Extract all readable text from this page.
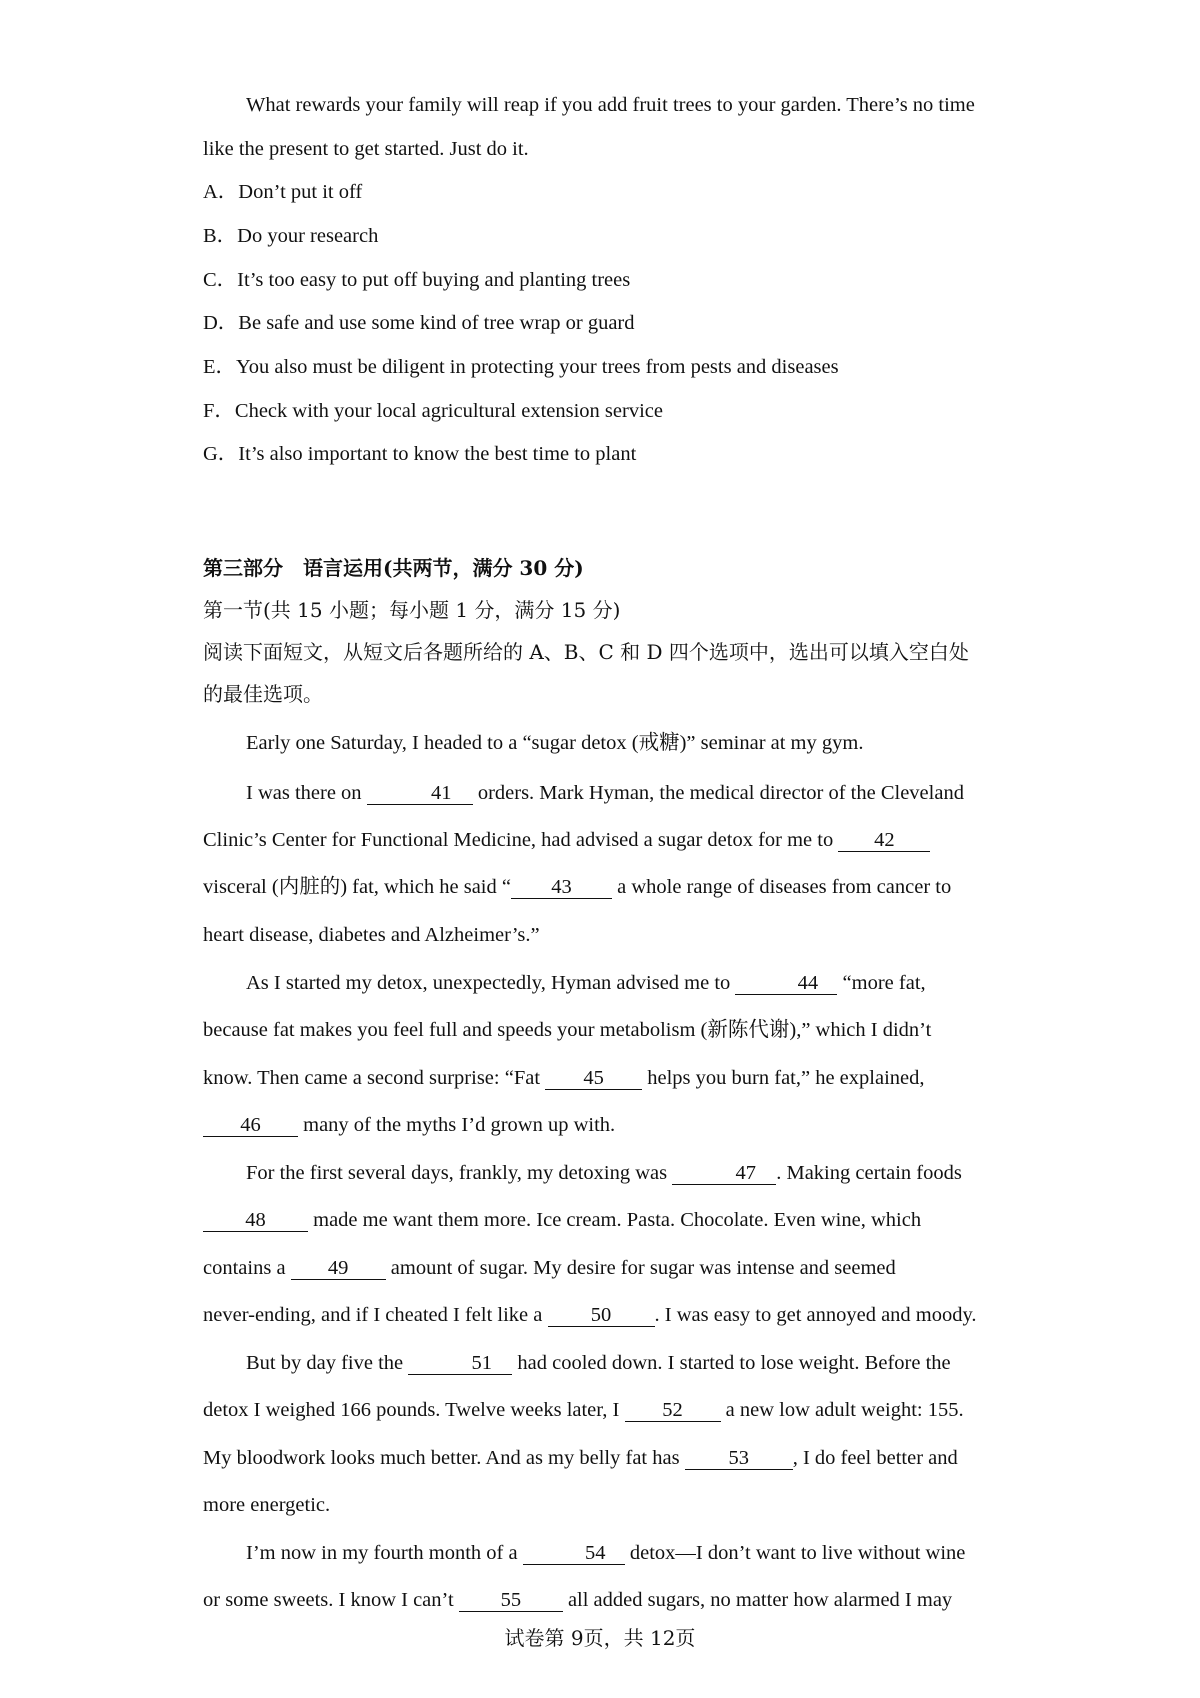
What rewards your family will reap if you add fruit trees to your garden. There’s no time

like the present to get started. Just do it.

A．Don’t put it off

B．Do your research

C．It’s too easy to put off buying and planting trees

D．Be safe and use some kind of tree wrap or guard

E．You also must be diligent in protecting your trees from pests and diseases

F．Check with your local agricultural extension service

G．It’s also important to know the best time to plant

第三部分　语言运用(共两节，满分 30 分)

第一节(共 15 小题；每小题 1 分，满分 15 分)

阅读下面短文，从短文后各题所给的 A、B、C 和 D 四个选项中，选出可以填入空白处

的最佳选项。

Early one Saturday, I headed to a “sugar detox (戒糖)” seminar at my gym.

I was there on	41 orders. Mark Hyman, the medical director of the Cleveland

Clinic’s Center for Functional Medicine, had advised a sugar detox for me to 42

visceral (内脏的) fat, which he said “ 43 a whole range of diseases from cancer to

heart disease, diabetes and Alzheimer’s.”

As I started my detox, unexpectedly, Hyman advised me to	44 “more fat,

because fat makes you feel full and speeds your metabolism (新陈代谢),” which I didn’t

know. Then came a second surprise: “Fat 45 helps you burn fat,” he explained,

46 many of the myths I’d grown up with.

For the first several days, frankly, my detoxing was	47 . Making certain foods

48 made me want them more. Ice cream. Pasta. Chocolate. Even wine, which

contains a 49 amount of sugar. My desire for sugar was intense and seemed

never-ending, and if I cheated I felt like a 50 . I was easy to get annoyed and moody.

But by day five the	51 had cooled down. I started to lose weight. Before the

detox I weighed 166 pounds. Twelve weeks later, I 52 a new low adult weight: 155.

My bloodwork looks much better. And as my belly fat has 53 , I do feel better and

more energetic.

I’m now in my fourth month of a	54 detox—I don’t want to live without wine

or some sweets. I know I can’t 55 all added sugars, no matter how alarmed I may

试卷第 9页，共 12页
